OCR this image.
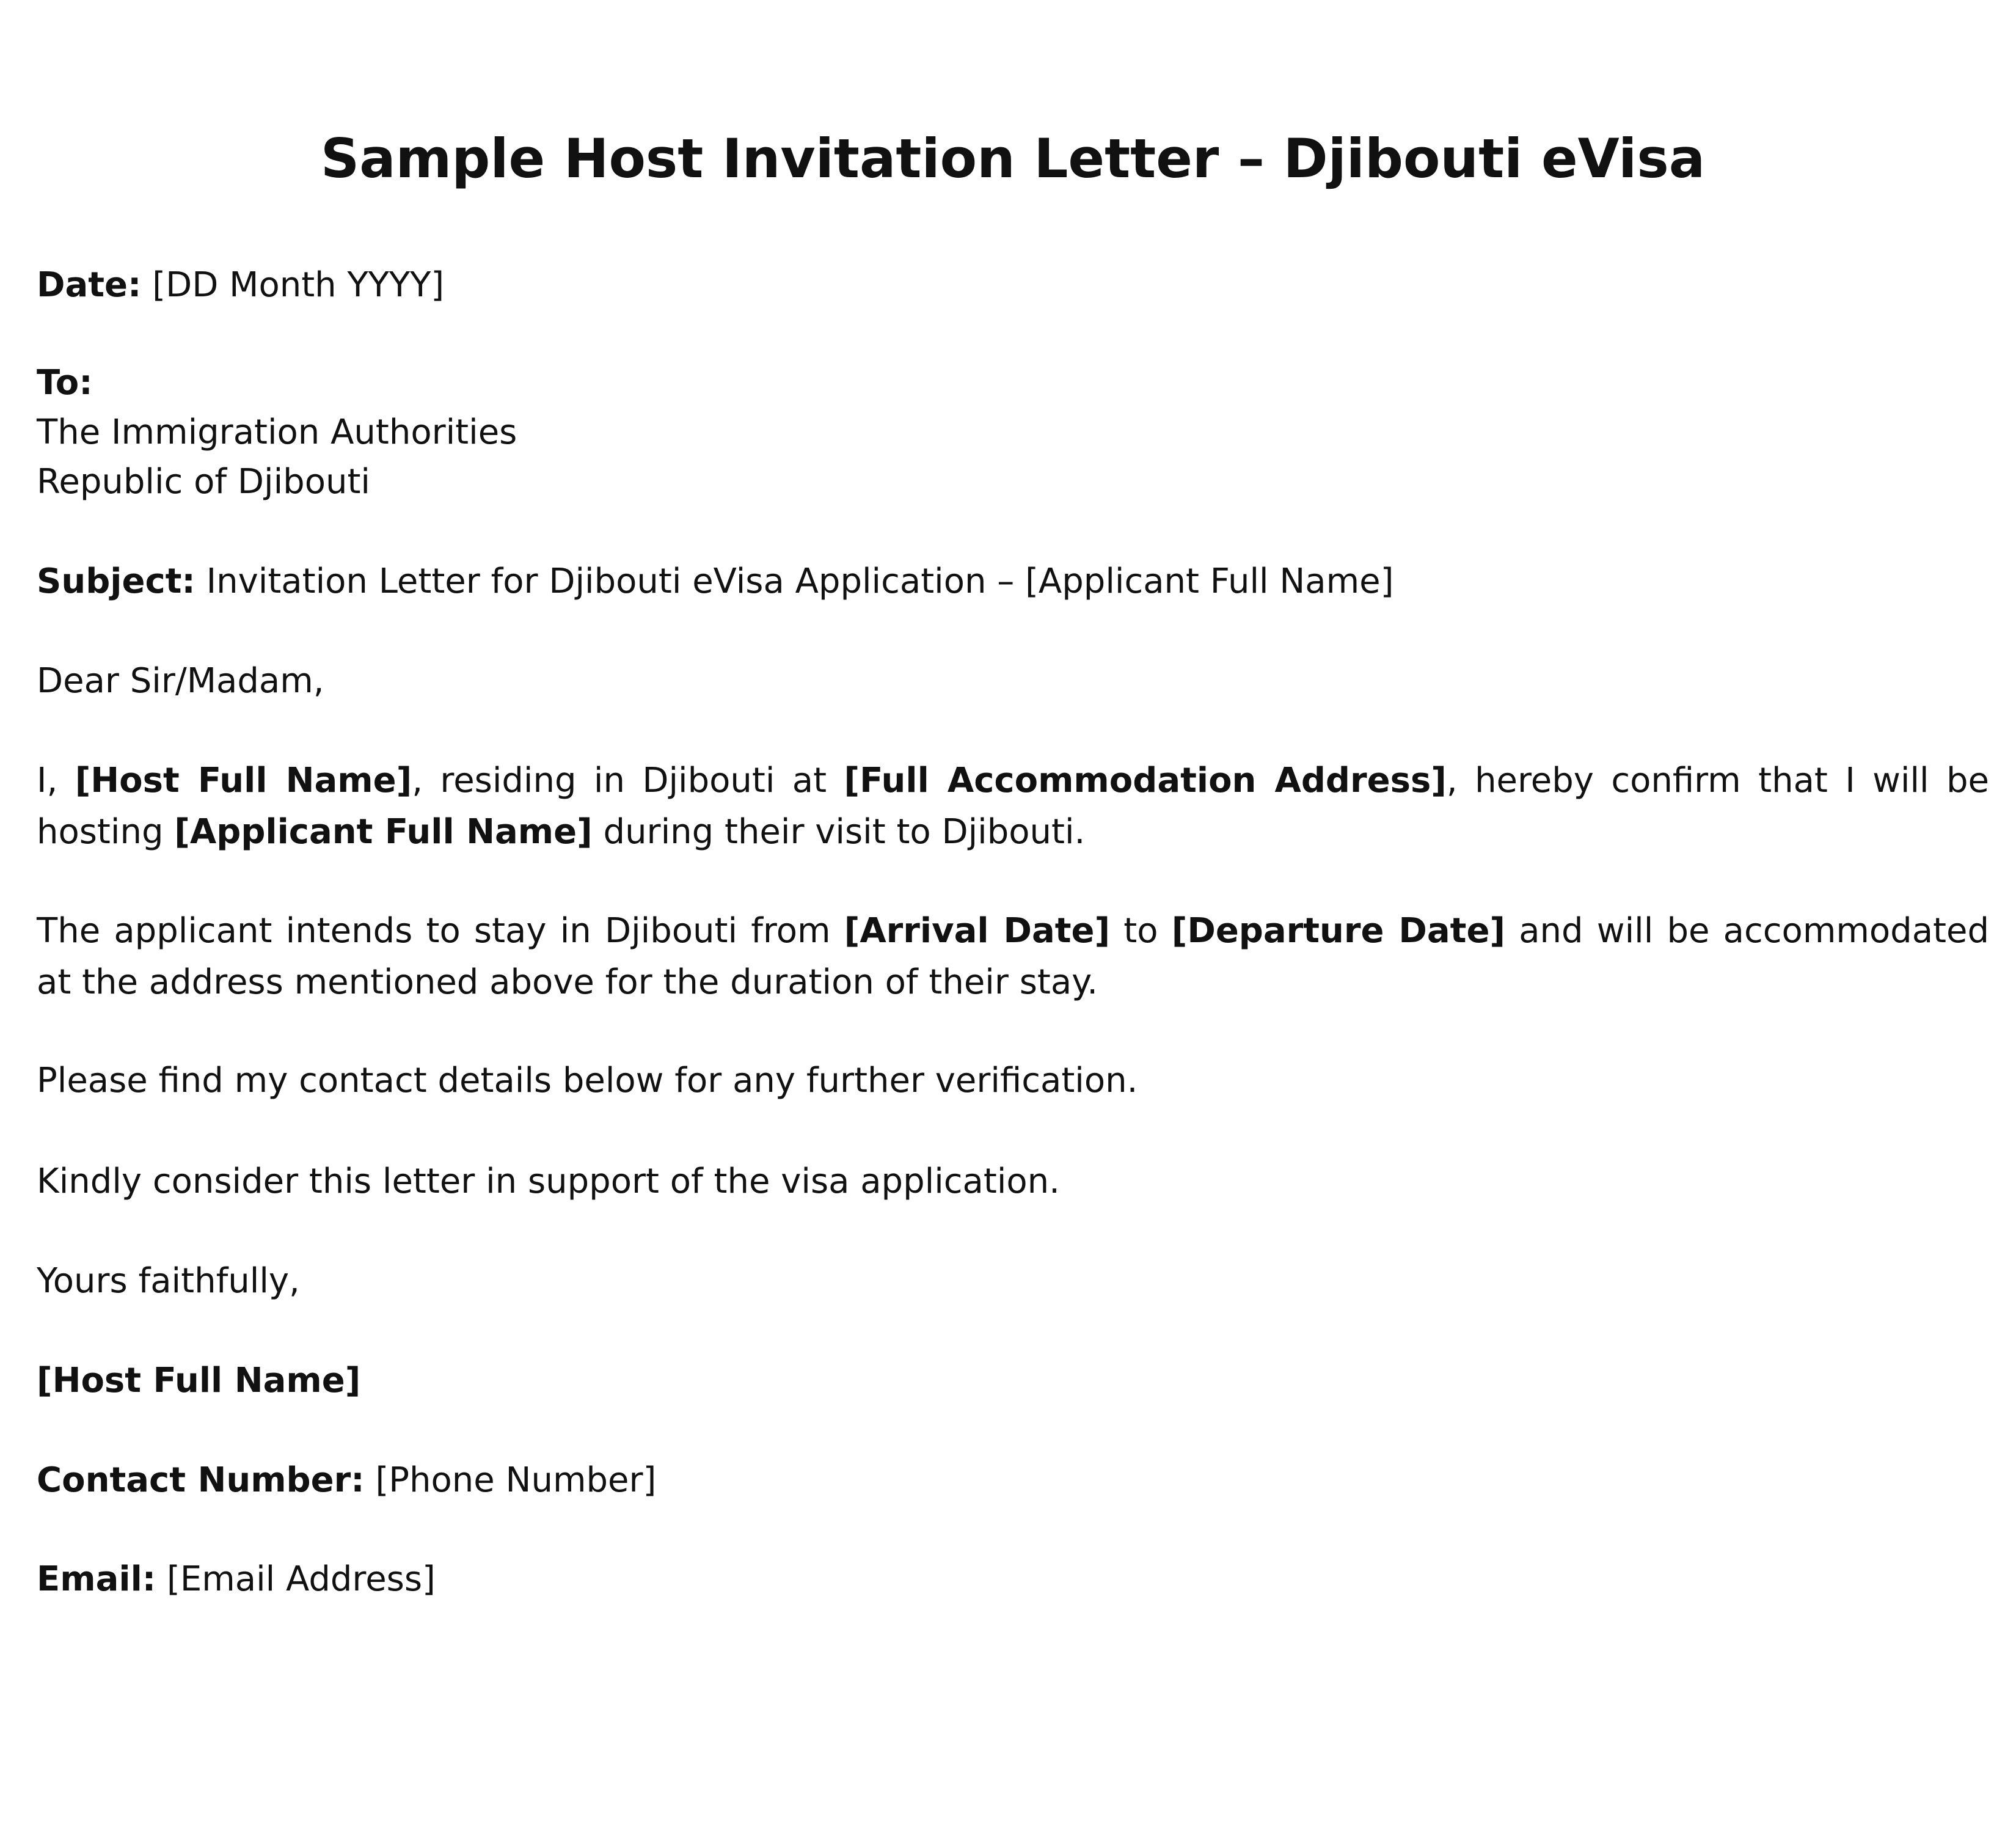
Sample Host Invitation Letter – Djibouti eVisa

Date: [DD Month YYYY]

To:

The Immigration Authorities

Republic of Djibouti

Subject: Invitation Letter for Djibouti eVisa Application – [Applicant Full Name]

Dear Sir/Madam,

I, [Host Full Name], residing in Djibouti at [Full Accommodation Address], hereby confirm that I will be hosting [Applicant Full Name] during their visit to Djibouti.

The applicant intends to stay in Djibouti from [Arrival Date] to [Departure Date] and will be accommodated at the address mentioned above for the duration of their stay.

Please find my contact details below for any further verification.

Kindly consider this letter in support of the visa application.

Yours faithfully,

[Host Full Name]

Contact Number: [Phone Number]

Email: [Email Address]
